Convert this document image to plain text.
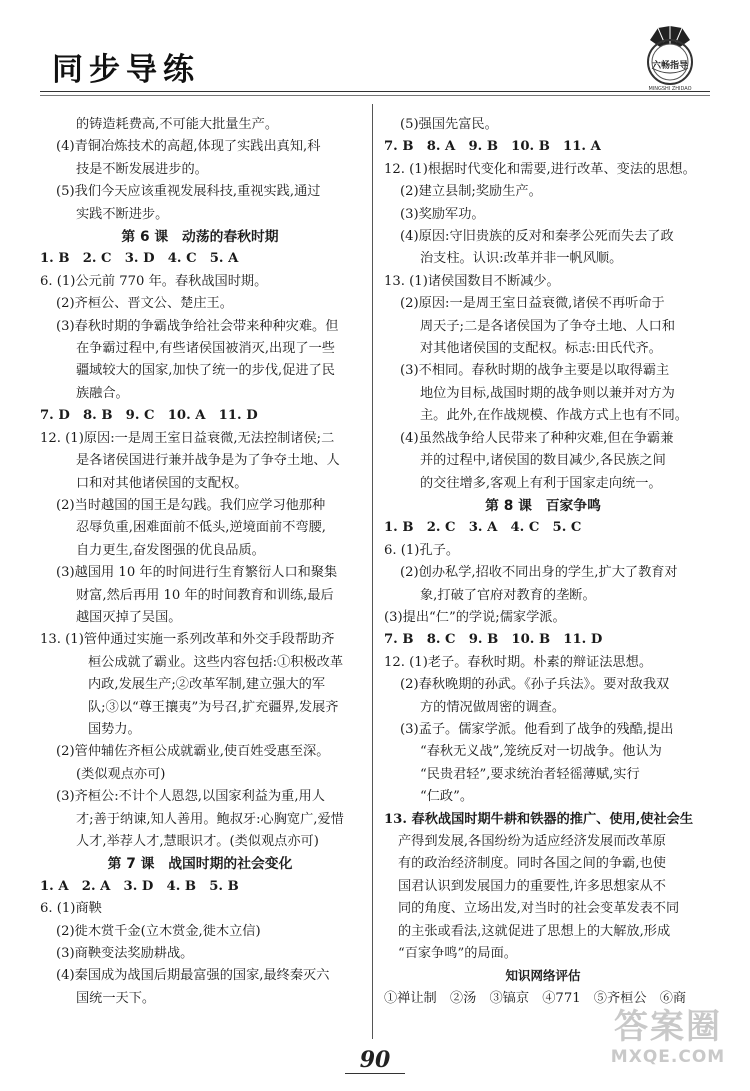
同步导练	六畅指导
MINGSHI ZHIDAO

的铸造耗费高,不可能大批量生产。

(4)青铜冶炼技术的高超,体现了实践出真知,科

技是不断发展进步的。

(5)我们今天应该重视发展科技,重视实践,通过

实践不断进步。

第 6 课　动荡的春秋时期

1. B　2. C　3. D　4. C　5. A

6. (1)公元前 770 年。春秋战国时期。

(2)齐桓公、晋文公、楚庄王。

(3)春秋时期的争霸战争给社会带来种种灾难。但

在争霸过程中,有些诸侯国被消灭,出现了一些

疆域较大的国家,加快了统一的步伐,促进了民

族融合。

7. D　8. B　9. C　10. A　11. D

12. (1)原因:一是周王室日益衰微,无法控制诸侯;二

是各诸侯国进行兼并战争是为了争夺土地、人

口和对其他诸侯国的支配权。

(2)当时越国的国王是勾践。我们应学习他那种

忍辱负重,困难面前不低头,逆境面前不弯腰,

自力更生,奋发图强的优良品质。

(3)越国用 10 年的时间进行生育繁衍人口和聚集

财富,然后再用 10 年的时间教育和训练,最后

越国灭掉了吴国。

13. (1)管仲通过实施一系列改革和外交手段帮助齐

桓公成就了霸业。这些内容包括:①积极改革

内政,发展生产;②改革军制,建立强大的军

队;③以“尊王攘夷”为号召,扩充疆界,发展齐

国势力。

(2)管仲辅佐齐桓公成就霸业,使百姓受惠至深。

(类似观点亦可)

(3)齐桓公:不计个人恩怨,以国家利益为重,用人

才;善于纳谏,知人善用。鲍叔牙:心胸宽广,爱惜

人才,举荐人才,慧眼识才。(类似观点亦可)

第 7 课　战国时期的社会变化

1. A　2. A　3. D　4. B　5. B

6. (1)商鞅

(2)徙木赏千金(立木赏金,徙木立信)

(3)商鞅变法奖励耕战。

(4)秦国成为战国后期最富强的国家,最终秦灭六

国统一天下。

(5)强国先富民。

7. B　8. A　9. B　10. B　11. A

12. (1)根据时代变化和需要,进行改革、变法的思想。

(2)建立县制;奖励生产。

(3)奖励军功。

(4)原因:守旧贵族的反对和秦孝公死而失去了政

治支柱。认识:改革并非一帆风顺。

13. (1)诸侯国数目不断减少。

(2)原因:一是周王室日益衰微,诸侯不再听命于

周天子;二是各诸侯国为了争夺土地、人口和

对其他诸侯国的支配权。标志:田氏代齐。

(3)不相同。春秋时期的战争主要是以取得霸主

地位为目标,战国时期的战争则以兼并对方为

主。此外,在作战规模、作战方式上也有不同。

(4)虽然战争给人民带来了种种灾难,但在争霸兼

并的过程中,诸侯国的数目减少,各民族之间

的交往增多,客观上有利于国家走向统一。

第 8 课　百家争鸣

1. B　2. C　3. A　4. C　5. C

6. (1)孔子。

(2)创办私学,招收不同出身的学生,扩大了教育对

象,打破了官府对教育的垄断。

(3)提出“仁”的学说;儒家学派。

7. B　8. C　9. B　10. B　11. D

12. (1)老子。春秋时期。朴素的辩证法思想。

(2)春秋晚期的孙武。《孙子兵法》。要对敌我双

方的情况做周密的调查。

(3)孟子。儒家学派。他看到了战争的残酷,提出

“春秋无义战”,笼统反对一切战争。他认为

“民贵君轻”,要求统治者轻徭薄赋,实行

“仁政”。

13. 春秋战国时期牛耕和铁器的推广、使用,使社会生

产得到发展,各国纷纷为适应经济发展而改革原

有的政治经济制度。同时各国之间的争霸,也使

国君认识到发展国力的重要性,许多思想家从不

同的角度、立场出发,对当时的社会变革发表不同

的主张或看法,这就促进了思想上的大解放,形成

“百家争鸣”的局面。

知识网络评估

①禅让制　②汤　③镐京　④771　⑤齐桓公　⑥商

90
答案圈
MXQE.COM
